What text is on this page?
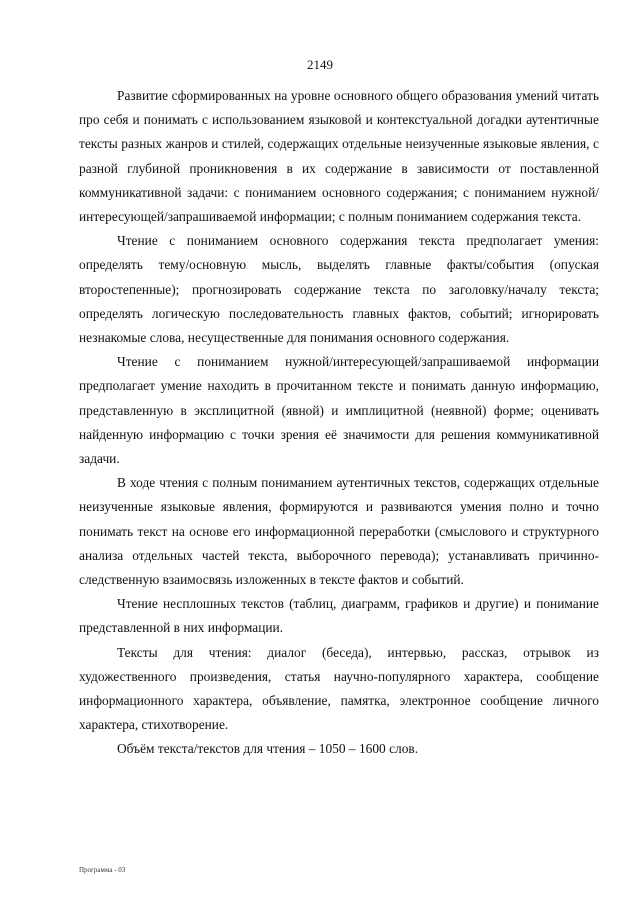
2149

Развитие сформированных на уровне основного общего образования умений читать про себя и понимать с использованием языковой и контекстуальной догадки аутентичные тексты разных жанров и стилей, содержащих отдельные неизученные языковые явления, с разной глубиной проникновения в их содержание в зависимости от поставленной коммуникативной задачи: с пониманием основного содержания; с пониманием нужной/интересующей/запрашиваемой информации; с полным пониманием содержания текста.

Чтение с пониманием основного содержания текста предполагает умения: определять тему/основную мысль, выделять главные факты/события (опуская второстепенные); прогнозировать содержание текста по заголовку/началу текста; определять логическую последовательность главных фактов, событий; игнорировать незнакомые слова, несущественные для понимания основного содержания.

Чтение с пониманием нужной/интересующей/запрашиваемой информации предполагает умение находить в прочитанном тексте и понимать данную информацию, представленную в эксплицитной (явной) и имплицитной (неявной) форме; оценивать найденную информацию с точки зрения её значимости для решения коммуникативной задачи.

В ходе чтения с полным пониманием аутентичных текстов, содержащих отдельные неизученные языковые явления, формируются и развиваются умения полно и точно понимать текст на основе его информационной переработки (смыслового и структурного анализа отдельных частей текста, выборочного перевода); устанавливать причинно-следственную взаимосвязь изложенных в тексте фактов и событий.

Чтение несплошных текстов (таблиц, диаграмм, графиков и другие) и понимание представленной в них информации.

Тексты для чтения: диалог (беседа), интервью, рассказ, отрывок из художественного произведения, статья научно-популярного характера, сообщение информационного характера, объявление, памятка, электронное сообщение личного характера, стихотворение.

Объём текста/текстов для чтения – 1050 – 1600 слов.

Программа - 03
